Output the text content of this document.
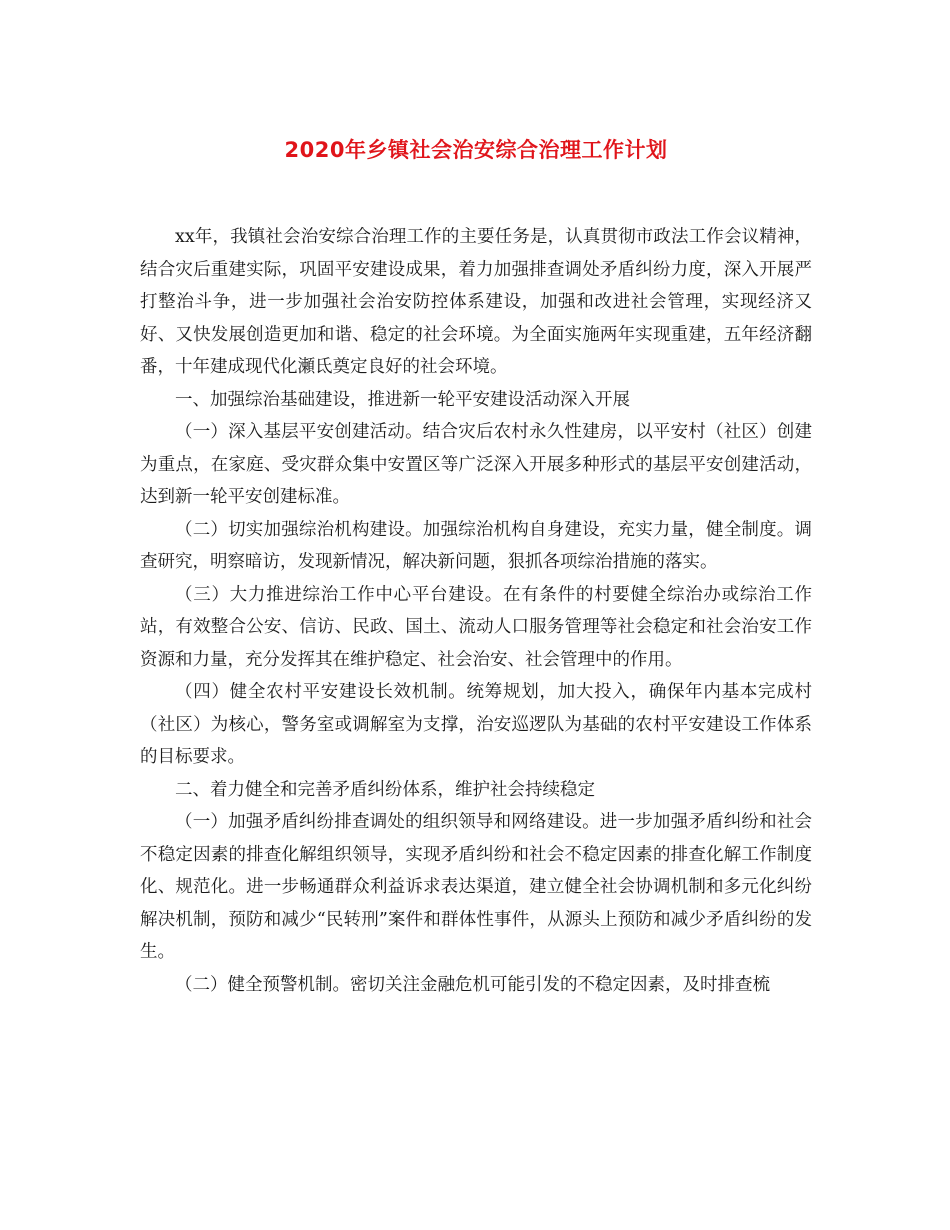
2020年乡镇社会治安综合治理工作计划

xx年，我镇社会治安综合治理工作的主要任务是，认真贯彻市政法工作会议精神，结合灾后重建实际，巩固平安建设成果，着力加强排查调处矛盾纠纷力度，深入开展严打整治斗争，进一步加强社会治安防控体系建设，加强和改进社会管理，实现经济又好、又快发展创造更加和谐、稳定的社会环境。为全面实施两年实现重建，五年经济翻番，十年建成现代化瀬氐奠定良好的社会环境。

一、加强综治基础建设，推进新一轮平安建设活动深入开展

（一）深入基层平安创建活动。结合灾后农村永久性建房，以平安村（社区）创建为重点，在家庭、受灾群众集中安置区等广泛深入开展多种形式的基层平安创建活动，达到新一轮平安创建标准。

（二）切实加强综治机构建设。加强综治机构自身建设，充实力量，健全制度。调查研究，明察暗访，发现新情况，解决新问题，狠抓各项综治措施的落实。

（三）大力推进综治工作中心平台建设。在有条件的村要健全综治办或综治工作站，有效整合公安、信访、民政、国土、流动人口服务管理等社会稳定和社会治安工作资源和力量，充分发挥其在维护稳定、社会治安、社会管理中的作用。

（四）健全农村平安建设长效机制。统筹规划，加大投入，确保年内基本完成村（社区）为核心，警务室或调解室为支撑，治安巡逻队为基础的农村平安建设工作体系的目标要求。

二、着力健全和完善矛盾纠纷体系，维护社会持续稳定

（一）加强矛盾纠纷排查调处的组织领导和网络建设。进一步加强矛盾纠纷和社会不稳定因素的排查化解组织领导，实现矛盾纠纷和社会不稳定因素的排查化解工作制度化、规范化。进一步畅通群众利益诉求表达渠道，建立健全社会协调机制和多元化纠纷解决机制，预防和减少“民转刑”案件和群体性事件，从源头上预防和减少矛盾纠纷的发生。

（二）健全预警机制。密切关注金融危机可能引发的不稳定因素，及时排查梳
